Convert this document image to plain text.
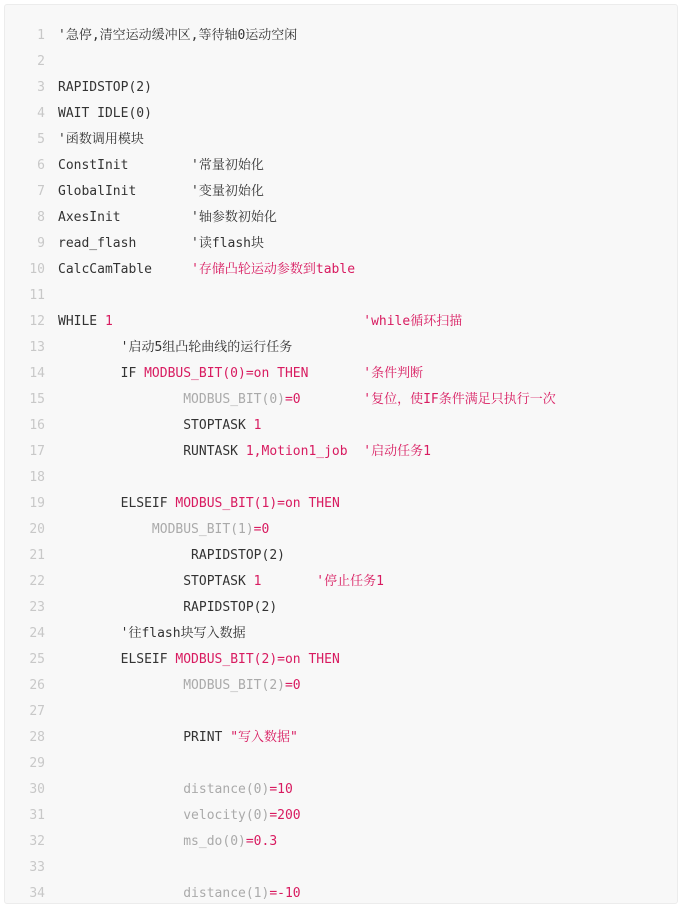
1 '急停,清空运动缓冲区,等待轴0运动空闲
2
3 RAPIDSTOP(2)
4 WAIT IDLE(0)
5 '函数调用模块
6 ConstInit        '常量初始化
7 GlobalInit       '变量初始化
8 AxesInit         '轴参数初始化
9 read_flash       '读flash块
10 CalcCamTable     '存储凸轮运动参数到table
11
12 WHILE 1	'while循环扫描
13 '启动5组凸轮曲线的运行任务
14 IF MODBUS_BIT(0)=on THEN	'条件判断
15	MODBUS_BIT(0)=0	'复位，使IF条件满足只执行一次
16 STOPTASK 1
17 RUNTASK 1,Motion1_job '启动任务1
18
19 ELSEIF MODBUS_BIT(1)=on THEN
20	MODBUS_BIT(1)=0
21 RAPIDSTOP(2)
22 STOPTASK 1	'停止任务1
23 RAPIDSTOP(2)
24 '往flash块写入数据
25 ELSEIF MODBUS_BIT(2)=on THEN
26	MODBUS_BIT(2)=0
27
28 PRINT "写入数据"
29
30	distance(0)=10
31	velocity(0)=200
32	ms_do(0)=0.3
33
34	distance(1)=-10
